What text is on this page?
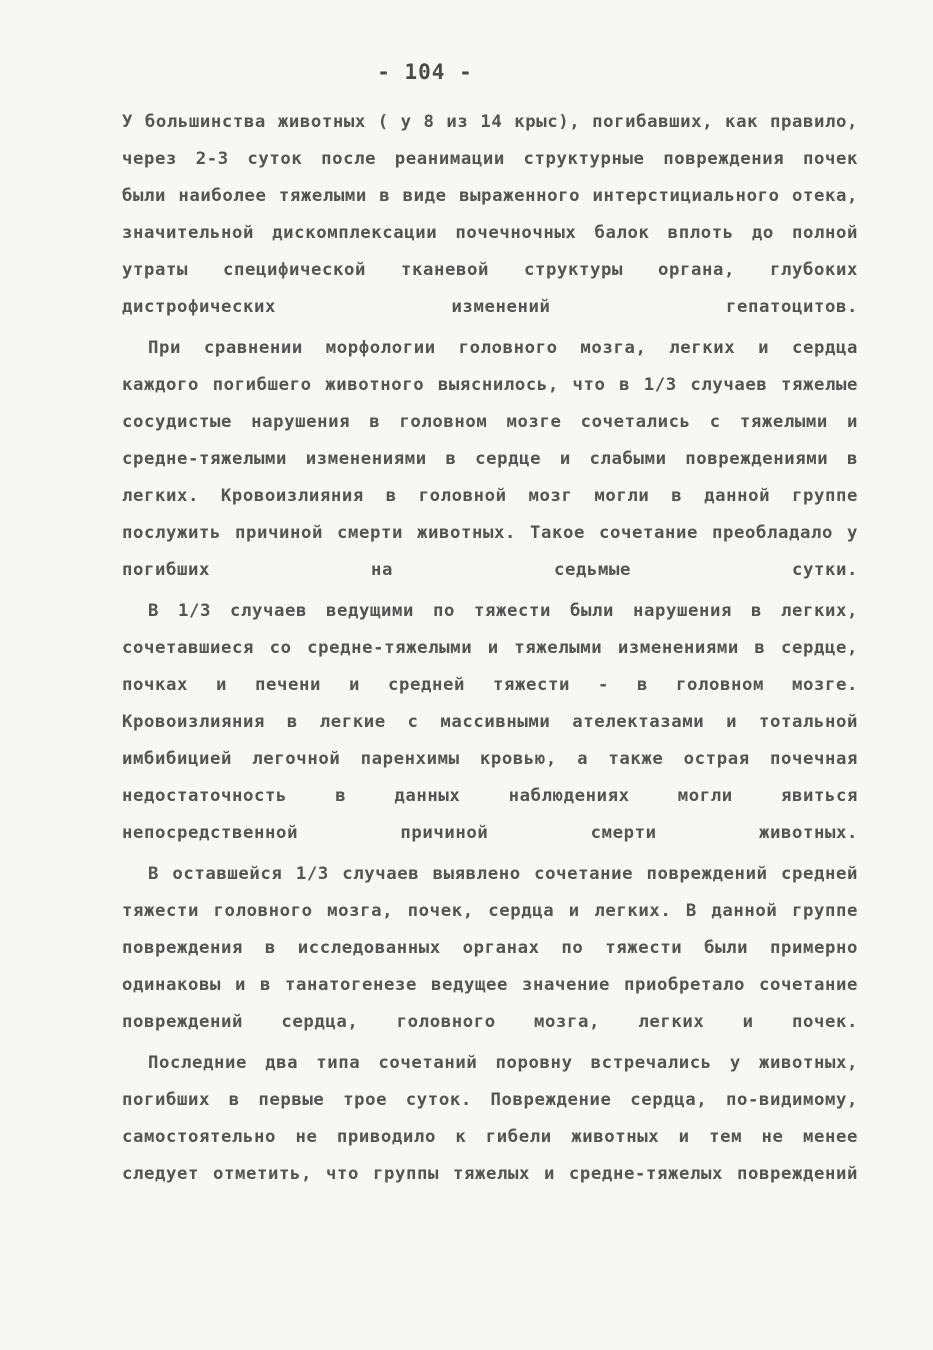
- 104 -

У большинства животных ( у 8 из 14 крыс), погибавших, как правило, через 2-3 суток после реанимации структурные повреждения почек были наиболее тяжелыми в виде выраженного интерстициального отека, значительной дискомплексации почечночных балок вплоть до полной утраты специфической тканевой структуры органа, глубоких дистрофических изменений гепатоцитов.

При сравнении морфологии головного мозга, легких и сердца каждого погибшего животного выяснилось, что в 1/3 случаев тяжелые сосудистые нарушения в головном мозге сочетались с тяжелыми и средне-тяжелыми изменениями в сердце и слабыми повреждениями в легких. Кровоизлияния в головной мозг могли в данной группе послужить причиной смерти животных. Такое сочетание преобладало у погибших на седьмые сутки.

В 1/3 случаев ведущими по тяжести были нарушения в легких, сочетавшиеся со средне-тяжелыми и тяжелыми изменениями в сердце, почках и печени и средней тяжести - в головном мозге. Кровоизлияния в легкие с массивными ателектазами и тотальной имбибицией легочной паренхимы кровью, а также острая почечная недостаточность в данных наблюдениях могли явиться непосредственной причиной смерти животных.

В оставшейся 1/3 случаев выявлено сочетание повреждений средней тяжести головного мозга, почек, сердца и легких. В данной группе повреждения в исследованных органах по тяжести были примерно одинаковы и в танатогенезе ведущее значение приобретало сочетание повреждений сердца, головного мозга, легких и почек.

Последние два типа сочетаний поровну встречались у животных, погибших в первые трое суток. Повреждение сердца, по-видимому, самостоятельно не приводило к гибели животных и тем не менее следует отметить, что группы тяжелых и средне-тяжелых повреждений
